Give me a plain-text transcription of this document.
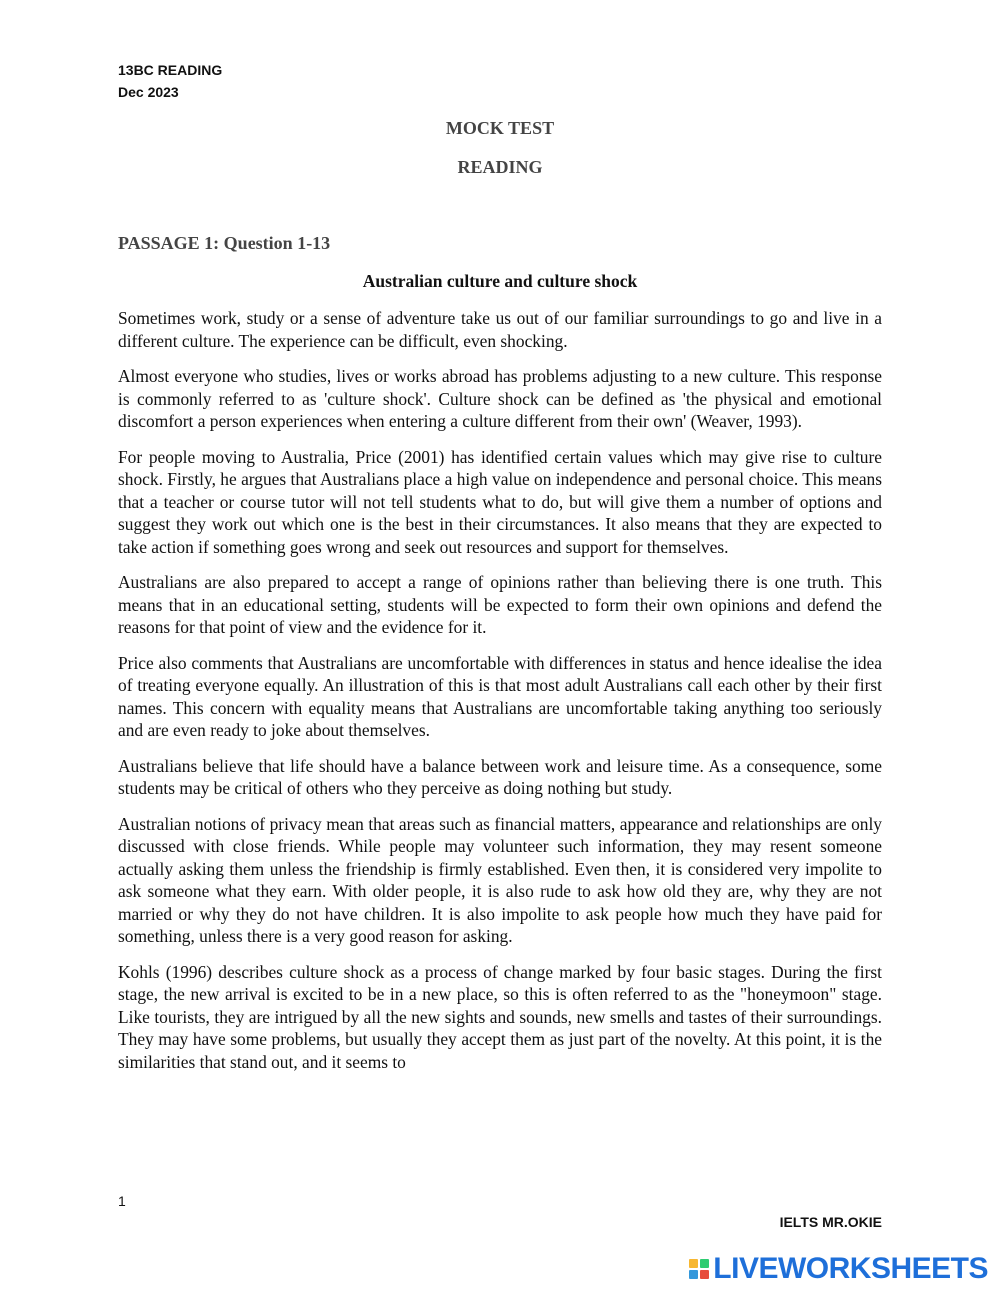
13BC READING
Dec 2023
MOCK TEST
READING
PASSAGE 1: Question 1-13
Australian culture and culture shock

Sometimes work, study or a sense of adventure take us out of our familiar surroundings to go and live in a different culture. The experience can be difficult, even shocking.

Almost everyone who studies, lives or works abroad has problems adjusting to a new culture. This response is commonly referred to as 'culture shock'. Culture shock can be defined as 'the physical and emotional discomfort a person experiences when entering a culture different from their own' (Weaver, 1993).

For people moving to Australia, Price (2001) has identified certain values which may give rise to culture shock. Firstly, he argues that Australians place a high value on independence and personal choice. This means that a teacher or course tutor will not tell students what to do, but will give them a number of options and suggest they work out which one is the best in their circumstances. It also means that they are expected to take action if something goes wrong and seek out resources and support for themselves.

Australians are also prepared to accept a range of opinions rather than believing there is one truth. This means that in an educational setting, students will be expected to form their own opinions and defend the reasons for that point of view and the evidence for it.

Price also comments that Australians are uncomfortable with differences in status and hence idealise the idea of treating everyone equally. An illustration of this is that most adult Australians call each other by their first names. This concern with equality means that Australians are uncomfortable taking anything too seriously and are even ready to joke about themselves.

Australians believe that life should have a balance between work and leisure time. As a consequence, some students may be critical of others who they perceive as doing nothing but study.

Australian notions of privacy mean that areas such as financial matters, appearance and relationships are only discussed with close friends. While people may volunteer such information, they may resent someone actually asking them unless the friendship is firmly established. Even then, it is considered very impolite to ask someone what they earn. With older people, it is also rude to ask how old they are, why they are not married or why they do not have children. It is also impolite to ask people how much they have paid for something, unless there is a very good reason for asking.

Kohls (1996) describes culture shock as a process of change marked by four basic stages. During the first stage, the new arrival is excited to be in a new place, so this is often referred to as the "honeymoon" stage. Like tourists, they are intrigued by all the new sights and sounds, new smells and tastes of their surroundings. They may have some problems, but usually they accept them as just part of the novelty. At this point, it is the similarities that stand out, and it seems to

1
IELTS MR.OKIE
LIVEWORKSHEETS
